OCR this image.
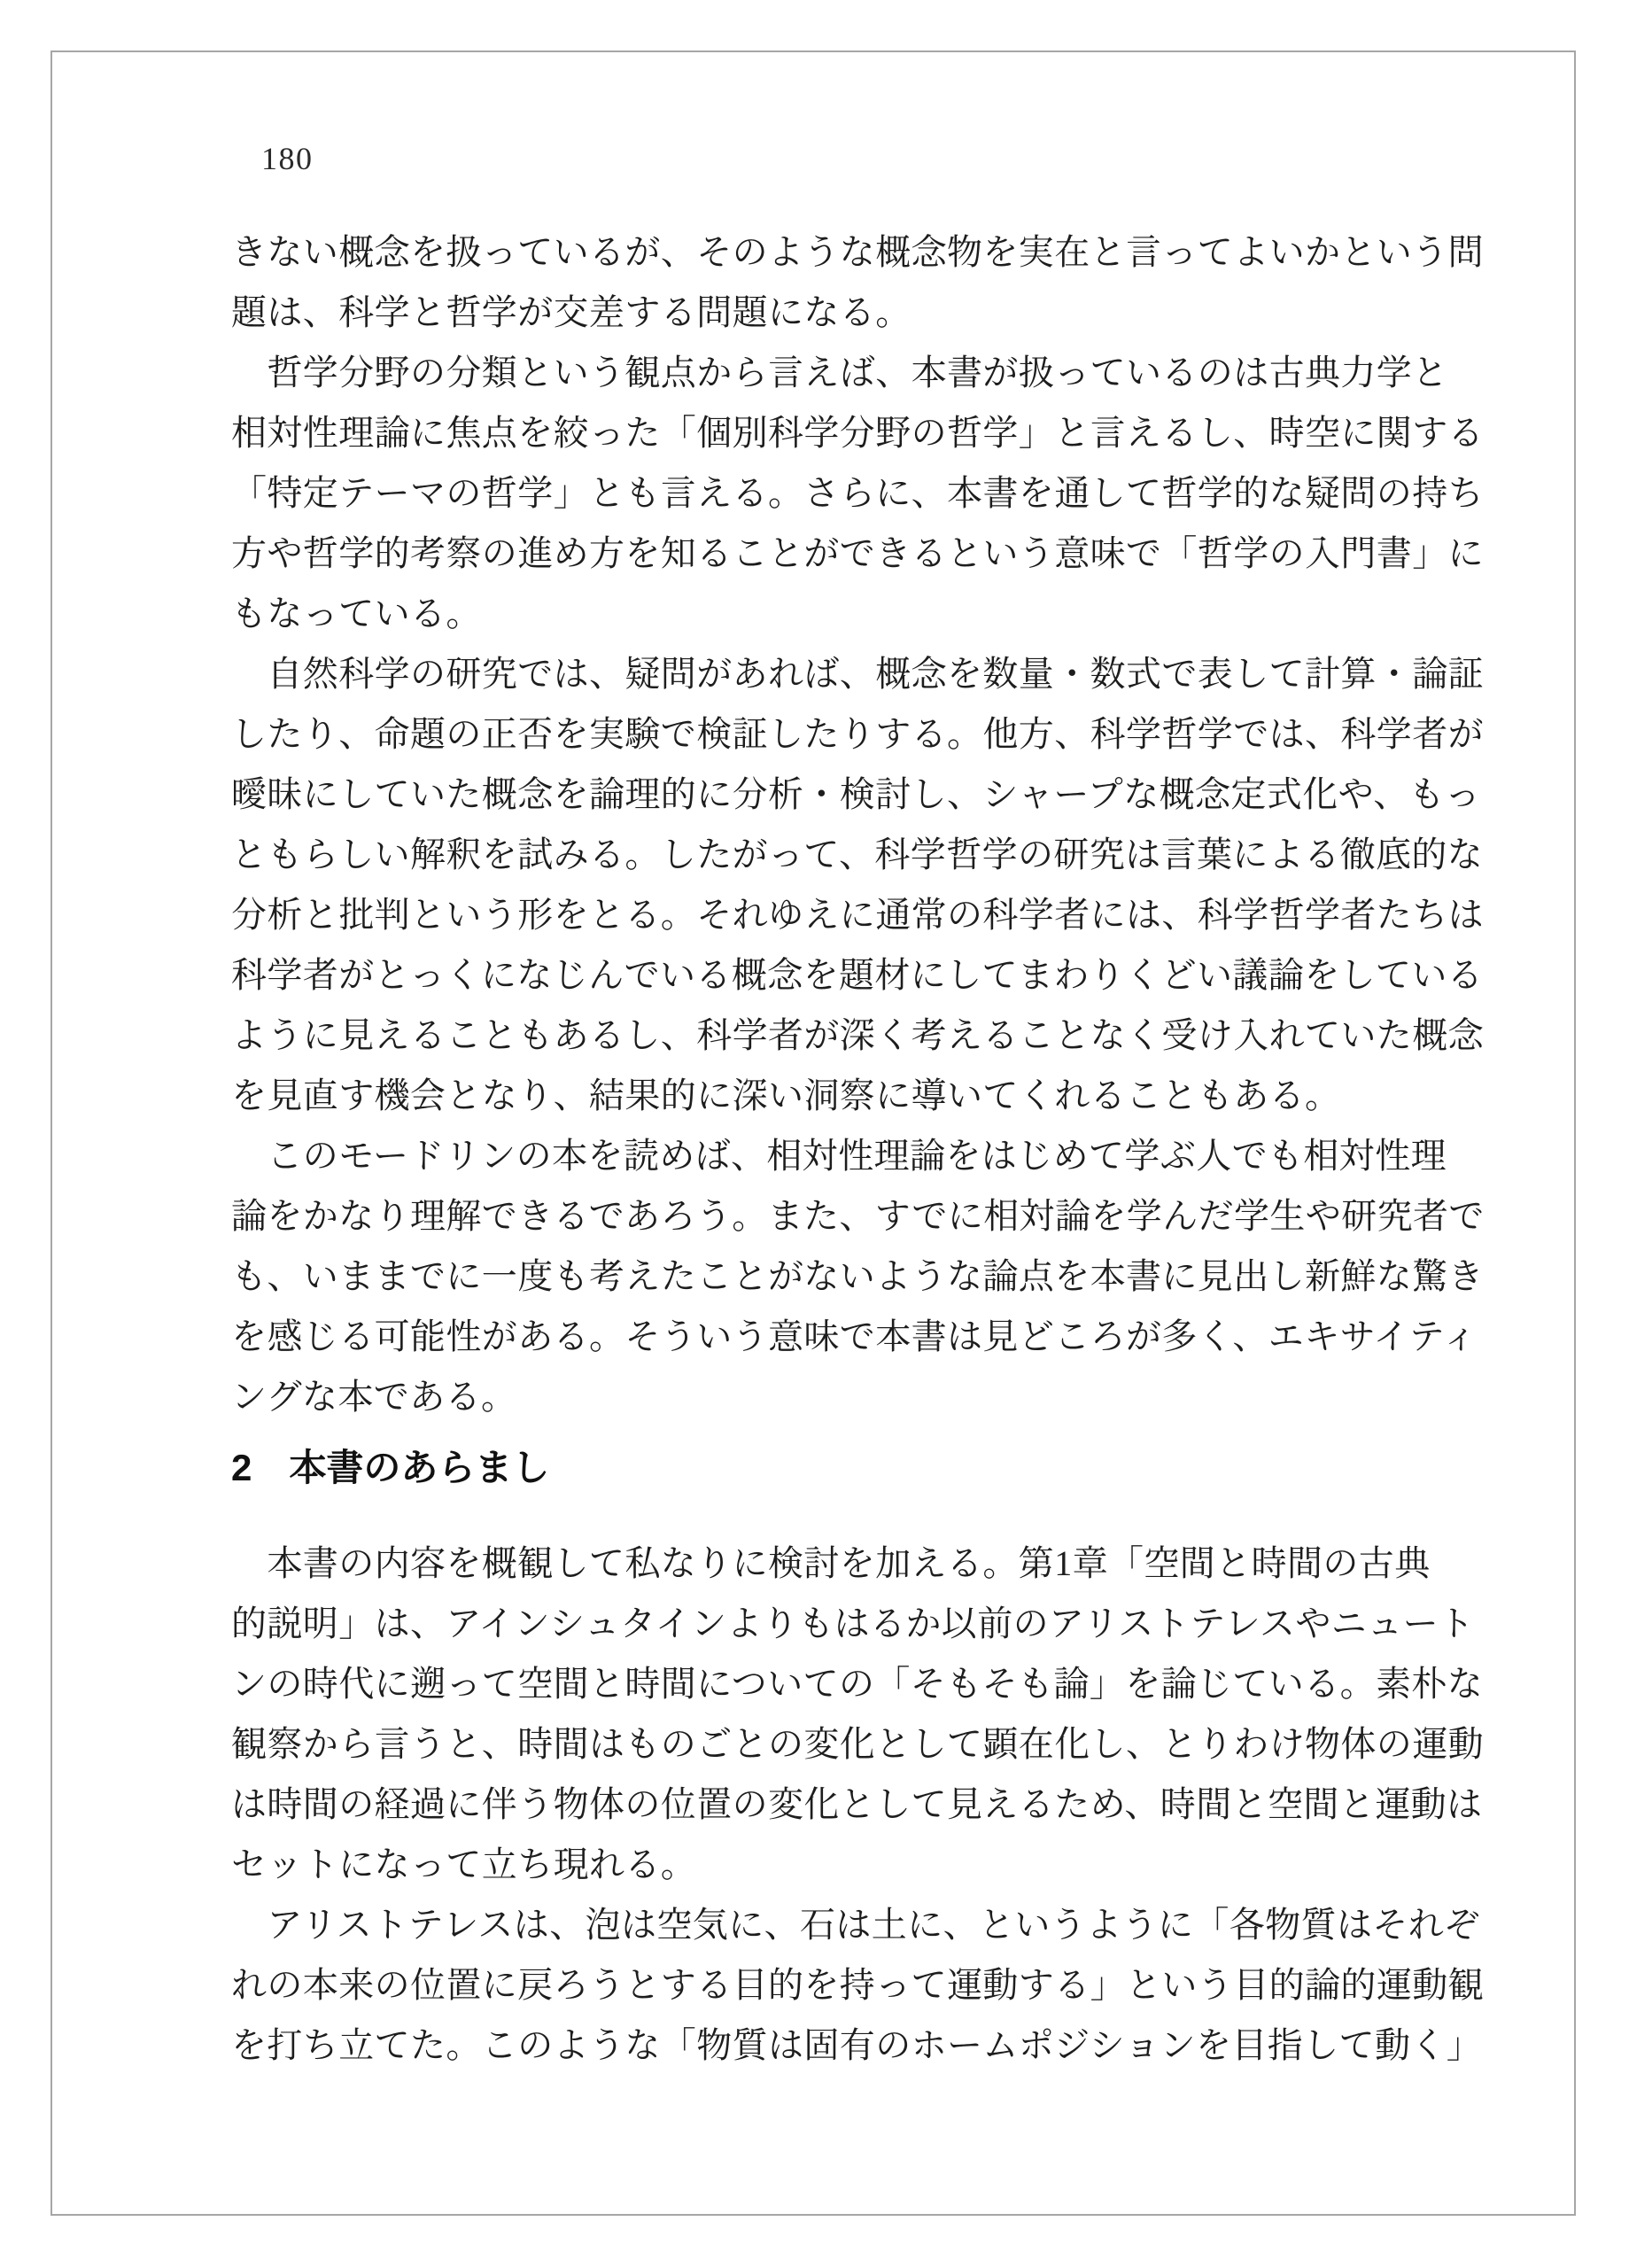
180
きない概念を扱っているが、そのような概念物を実在と言ってよいかという問
題は、科学と哲学が交差する問題になる。
　哲学分野の分類という観点から言えば、本書が扱っているのは古典力学と
相対性理論に焦点を絞った「個別科学分野の哲学」と言えるし、時空に関する
「特定テーマの哲学」とも言える。さらに、本書を通して哲学的な疑問の持ち
方や哲学的考察の進め方を知ることができるという意味で「哲学の入門書」に
もなっている。
　自然科学の研究では、疑問があれば、概念を数量・数式で表して計算・論証
したり、命題の正否を実験で検証したりする。他方、科学哲学では、科学者が
曖昧にしていた概念を論理的に分析・検討し、シャープな概念定式化や、もっ
ともらしい解釈を試みる。したがって、科学哲学の研究は言葉による徹底的な
分析と批判という形をとる。それゆえに通常の科学者には、科学哲学者たちは
科学者がとっくになじんでいる概念を題材にしてまわりくどい議論をしている
ように見えることもあるし、科学者が深く考えることなく受け入れていた概念
を見直す機会となり、結果的に深い洞察に導いてくれることもある。
　このモードリンの本を読めば、相対性理論をはじめて学ぶ人でも相対性理
論をかなり理解できるであろう。また、すでに相対論を学んだ学生や研究者で
も、いままでに一度も考えたことがないような論点を本書に見出し新鮮な驚き
を感じる可能性がある。そういう意味で本書は見どころが多く、エキサイティ
ングな本である。
2　本書のあらまし
　本書の内容を概観して私なりに検討を加える。第1章「空間と時間の古典
的説明」は、アインシュタインよりもはるか以前のアリストテレスやニュート
ンの時代に遡って空間と時間についての「そもそも論」を論じている。素朴な
観察から言うと、時間はものごとの変化として顕在化し、とりわけ物体の運動
は時間の経過に伴う物体の位置の変化として見えるため、時間と空間と運動は
セットになって立ち現れる。
　アリストテレスは、泡は空気に、石は土に、というように「各物質はそれぞ
れの本来の位置に戻ろうとする目的を持って運動する」という目的論的運動観
を打ち立てた。このような「物質は固有のホームポジションを目指して動く」
